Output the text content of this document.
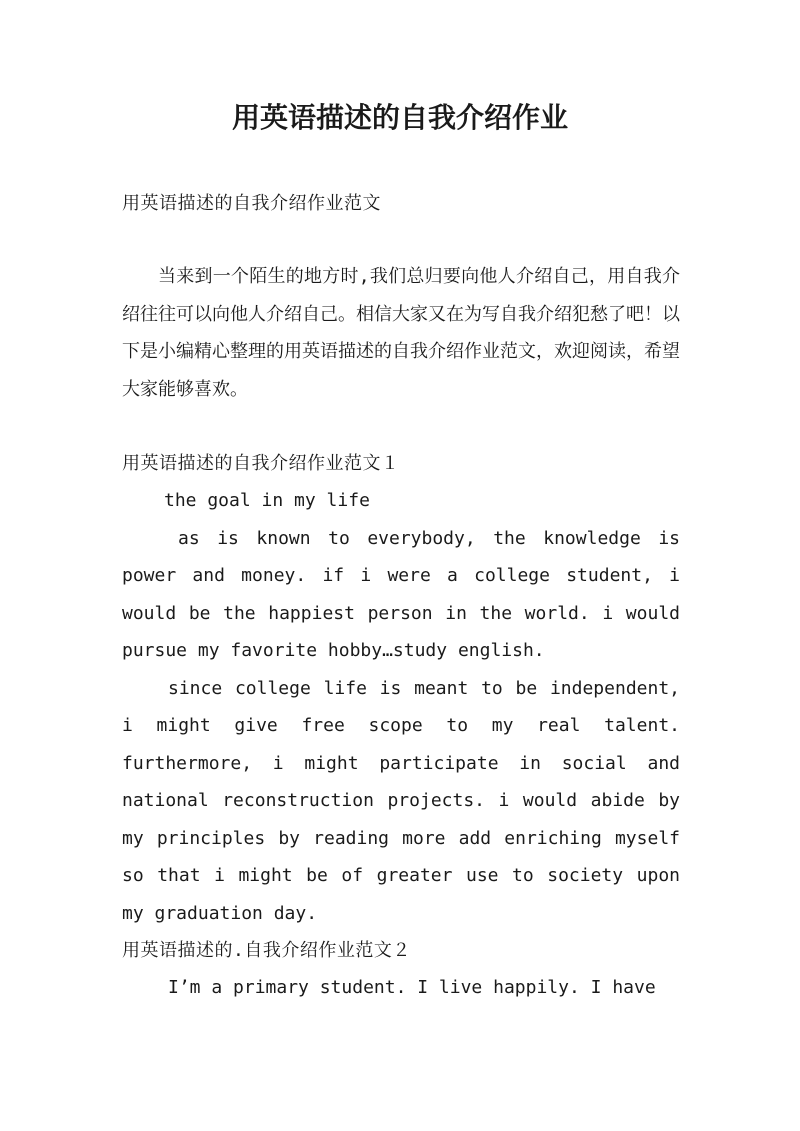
用英语描述的自我介绍作业

用英语描述的自我介绍作业范文

当来到一个陌生的地方时,我们总归要向他人介绍自己，用自我介绍往往可以向他人介绍自己。相信大家又在为写自我介绍犯愁了吧！以下是小编精心整理的用英语描述的自我介绍作业范文，欢迎阅读，希望大家能够喜欢。

用英语描述的自我介绍作业范文１

the goal in my life

as is known to everybody, the knowledge is power and money. if i were a college student, i would be the happiest person in the world. i would pursue my favorite hobby…study english.

since college life is meant to be independent, i might give free scope to my real talent. furthermore, i might participate in social and national reconstruction projects. i would abide by my principles by reading more add enriching myself so that i might be of greater use to society upon my graduation day.

用英语描述的.自我介绍作业范文２

I’m a primary student. I live happily. I have
